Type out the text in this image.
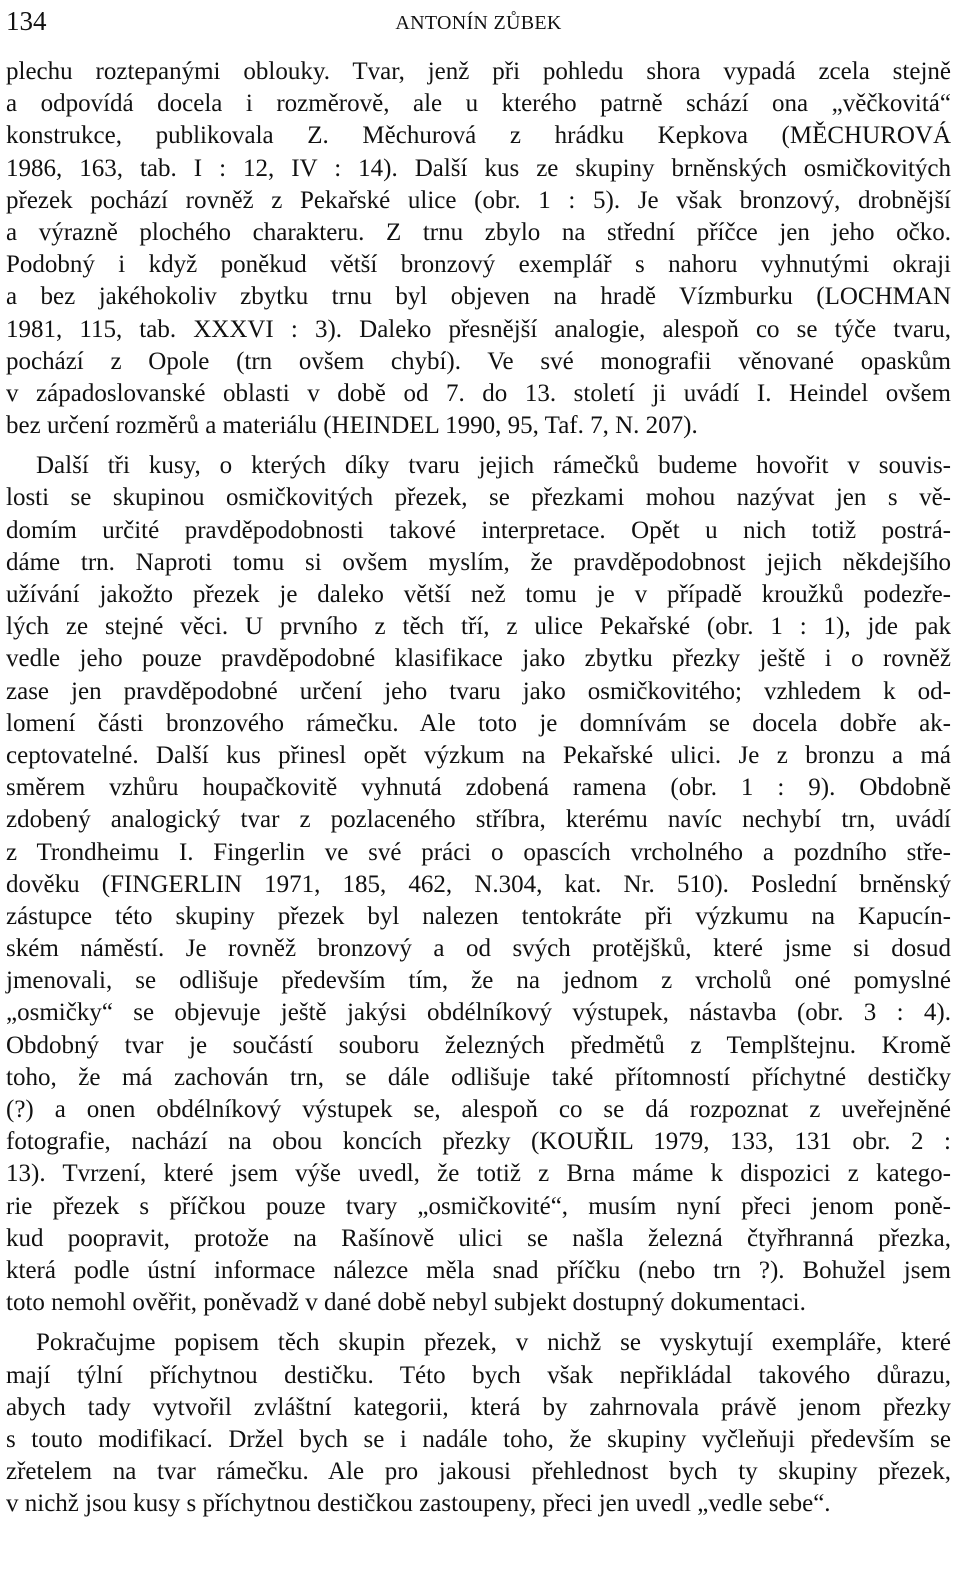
134	ANTONÍN ZŮBEK
plechu roztepanými oblouky. Tvar, jenž při pohledu shora vypadá zcela stejně
a odpovídá docela i rozměrově, ale u kterého patrně schází ona „věčkovitá“
konstrukce, publikovala Z. Měchurová z hrádku Kepkova (MĚCHUROVÁ
1986, 163, tab. I : 12, IV : 14). Další kus ze skupiny brněnských osmičkovitých
přezek pochází rovněž z Pekařské ulice (obr. 1 : 5). Je však bronzový, drobnější
a výrazně plochého charakteru. Z trnu zbylo na střední příčce jen jeho očko.
Podobný i když poněkud větší bronzový exemplář s nahoru vyhnutými okraji
a bez jakéhokoliv zbytku trnu byl objeven na hradě Vízmburku (LOCHMAN
1981, 115, tab. XXXVI : 3). Daleko přesnější analogie, alespoň co se týče tvaru,
pochází z Opole (trn ovšem chybí). Ve své monografii věnované opaskům
v západoslovanské oblasti v době od 7. do 13. století ji uvádí I. Heindel ovšem
bez určení rozměrů a materiálu (HEINDEL 1990, 95, Taf. 7, N. 207).
Další tři kusy, o kterých díky tvaru jejich rámečků budeme hovořit v souvis-
losti se skupinou osmičkovitých přezek, se přezkami mohou nazývat jen s vě-
domím určité pravděpodobnosti takové interpretace. Opět u nich totiž postrá-
dáme trn. Naproti tomu si ovšem myslím, že pravděpodobnost jejich někdejšího
užívání jakožto přezek je daleko větší než tomu je v případě kroužků podezře-
lých ze stejné věci. U prvního z těch tří, z ulice Pekařské (obr. 1 : 1), jde pak
vedle jeho pouze pravděpodobné klasifikace jako zbytku přezky ještě i o rovněž
zase jen pravděpodobné určení jeho tvaru jako osmičkovitého; vzhledem k od-
lomení části bronzového rámečku. Ale toto je domnívám se docela dobře ak-
ceptovatelné. Další kus přinesl opět výzkum na Pekařské ulici. Je z bronzu a má
směrem vzhůru houpačkovitě vyhnutá zdobená ramena (obr. 1 : 9). Obdobně
zdobený analogický tvar z pozlaceného stříbra, kterému navíc nechybí trn, uvádí
z Trondheimu I. Fingerlin ve své práci o opascích vrcholného a pozdního stře-
dověku (FINGERLIN 1971, 185, 462, N.304, kat. Nr. 510). Poslední brněnský
zástupce této skupiny přezek byl nalezen tentokráte při výzkumu na Kapucín-
ském náměstí. Je rovněž bronzový a od svých protějšků, které jsme si dosud
jmenovali, se odlišuje především tím, že na jednom z vrcholů oné pomyslné
„osmičky“ se objevuje ještě jakýsi obdélníkový výstupek, nástavba (obr. 3 : 4).
Obdobný tvar je součástí souboru železných předmětů z Templštejnu. Kromě
toho, že má zachován trn, se dále odlišuje také přítomností příchytné destičky
(?) a onen obdélníkový výstupek se, alespoň co se dá rozpoznat z uveřejněné
fotografie, nachází na obou koncích přezky (KOUŘIL 1979, 133, 131 obr. 2 :
13). Tvrzení, které jsem výše uvedl, že totiž z Brna máme k dispozici z katego-
rie přezek s příčkou pouze tvary „osmičkovité“, musím nyní přeci jenom poně-
kud poopravit, protože na Rašínově ulici se našla železná čtyřhranná přezka,
která podle ústní informace nálezce měla snad příčku (nebo trn ?). Bohužel jsem
toto nemohl ověřit, poněvadž v dané době nebyl subjekt dostupný dokumentaci.
Pokračujme popisem těch skupin přezek, v nichž se vyskytují exempláře, které
mají týlní příchytnou destičku. Této bych však nepřikládal takového důrazu,
abych tady vytvořil zvláštní kategorii, která by zahrnovala právě jenom přezky
s touto modifikací. Držel bych se i nadále toho, že skupiny vyčleňuji především se
zřetelem na tvar rámečku. Ale pro jakousi přehlednost bych ty skupiny přezek,
v nichž jsou kusy s příchytnou destičkou zastoupeny, přeci jen uvedl „vedle sebe“.
